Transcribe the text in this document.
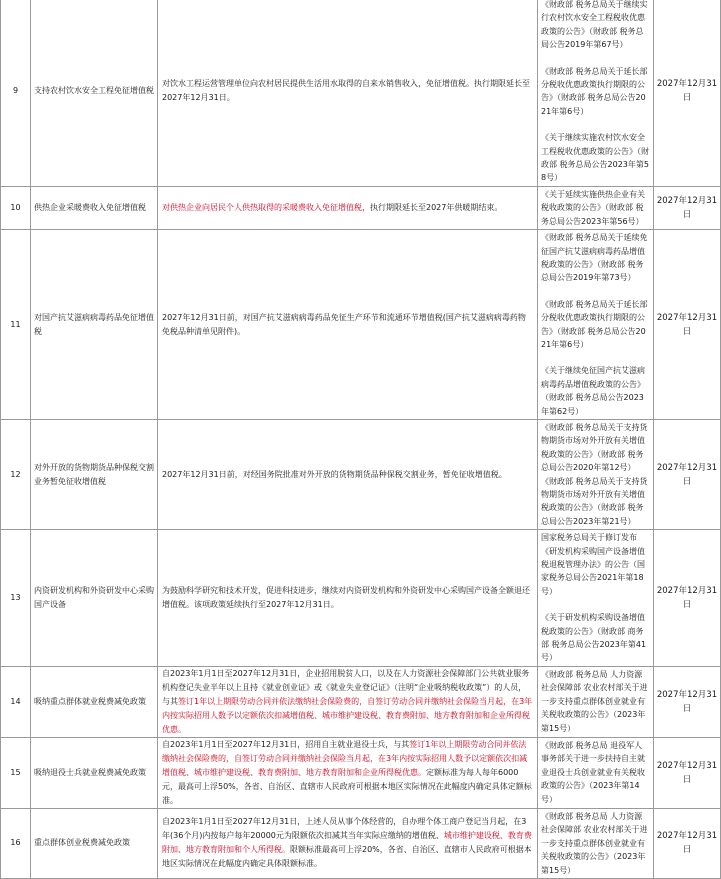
9	支持农村饮水安全工程免征增值税	对饮水工程运营管理单位向农村居民提供生活用水取得的自来水销售收入，免征增值税。执行期限延长至2027年12月31日。	《财政部 税务总局关于继续实行农村饮水安全工程税收优惠政策的公告》（财政部 税务总局公告2019年第67号）
《财政部 税务总局关于延长部分税收优惠政策执行期限的公告》（财政部 税务总局公告2021年第6号）
《关于继续实施农村饮水安全工程税收优惠政策的公告》（财政部 税务总局公告2023年第58号）	2027年12月31日
10	供热企业采暖费收入免征增值税	对供热企业向居民个人供热取得的采暖费收入免征增值税，执行期限延长至2027年供暖期结束。	《关于延续实施供热企业有关税收政策的公告》（财政部 税务总局公告2023年第56号）	2027年12月31日
11	对国产抗艾滋病病毒药品免征增值税	2027年12月31日前，对国产抗艾滋病病毒药品免征生产环节和流通环节增值税(国产抗艾滋病病毒药物免税品种清单见附件)。	《财政部 税务总局关于延续免征国产抗艾滋病病毒药品增值税政策的公告》（财政部 税务总局公告2019年第73号）
《财政部 税务总局关于延长部分税收优惠政策执行期限的公告》（财政部 税务总局公告2021年第6号）
《关于继续免征国产抗艾滋病病毒药品增值税政策的公告》（财政部 税务总局公告2023年第62号）	2027年12月31日
12	对外开放的货物期货品种保税交割业务暂免征收增值税	2027年12月31日前，对经国务院批准对外开放的货物期货品种保税交割业务，暂免征收增值税。	《财政部 税务总局关于支持货物期货市场对外开放有关增值税政策的公告》（财政部 税务总局公告2020年第12号）
《财政部 税务总局关于支持货物期货市场对外开放有关增值税政策的公告》（财政部 税务总局公告2023年第21号）	2027年12月31日
13	内资研发机构和外资研发中心采购国产设备	为鼓励科学研究和技术开发，促进科技进步，继续对内资研发机构和外资研发中心采购国产设备全额退还增值税。该项政策延续执行至2027年12月31日。	国家税务总局关于修订发布《研发机构采购国产设备增值税退税管理办法》的公告（国家税务总局公告2021年第18号）
《关于研发机构采购设备增值税政策的公告》（财政部 商务部 税务总局公告2023年第41号）	2027年12月31日
14	吸纳重点群体就业税费减免政策	自2023年1月1日至2027年12月31日，企业招用脱贫人口，以及在人力资源社会保障部门公共就业服务机构登记失业半年以上且持《就业创业证》或《就业失业登记证》（注明“企业吸纳税收政策”）的人员，与其签订1年以上期限劳动合同并依法缴纳社会保险费的，自签订劳动合同并缴纳社会保险当月起，在3年内按实际招用人数予以定额依次扣减增值税、城市维护建设税、教育费附加、地方教育附加和企业所得税优惠。	《财政部 税务总局 人力资源社会保障部 农业农村部关于进一步支持重点群体创业就业有关税收政策的公告》（2023年第15号）	2027年12月31日
15	吸纳退役士兵就业税费减免政策	自2023年1月1日至2027年12月31日，招用自主就业退役士兵，与其签订1年以上期限劳动合同并依法缴纳社会保险费的，自签订劳动合同并缴纳社会保险当月起，在3年内按实际招用人数予以定额依次扣减增值税、城市维护建设税、教育费附加、地方教育附加和企业所得税优惠。定额标准为每人每年6000元，最高可上浮50%，各省、自治区、直辖市人民政府可根据本地区实际情况在此幅度内确定具体定额标准。	《财政部 税务总局 退役军人事务部关于进一步扶持自主就业退役士兵创业就业有关税收政策的公告》（2023年第14号）	2027年12月31日
16	重点群体创业税费减免政策	自2023年1月1日至2027年12月31日，上述人员从事个体经营的，自办理个体工商户登记当月起，在3年(36个月)内按每户每年20000元为限额依次扣减其当年实际应缴纳的增值税、城市维护建设税、教育费附加、地方教育附加和个人所得税。限额标准最高可上浮20%，各省、自治区、直辖市人民政府可根据本地区实际情况在此幅度内确定具体限额标准。	《财政部 税务总局 人力资源社会保障部 农业农村部关于进一步支持重点群体创业就业有关税收政策的公告》（2023年第15号）	2027年12月31日
